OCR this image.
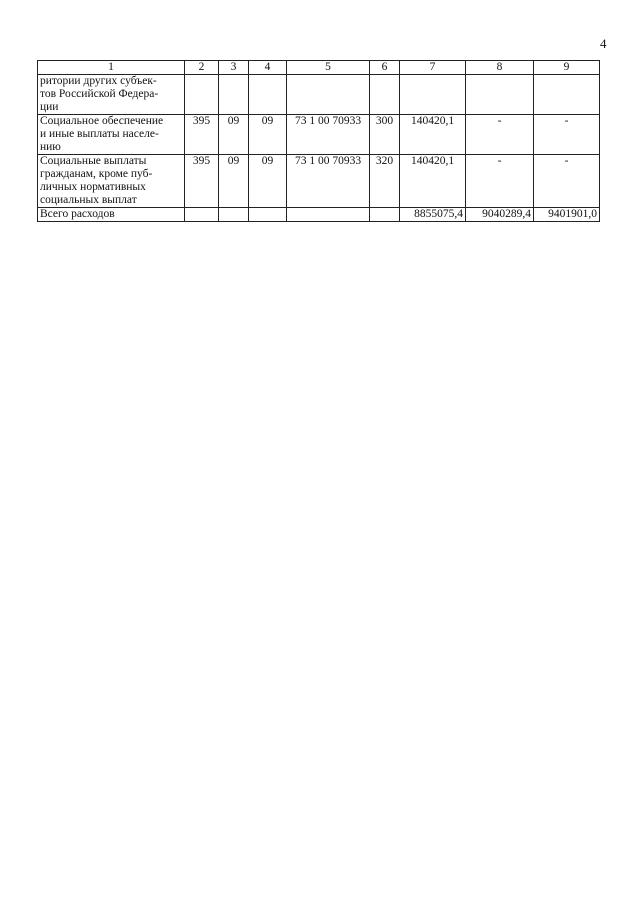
4
1	2	3	4	5	6	7	8	9

ритории других субъек-
тов Российской Федера-
ции								

Социальное обеспечение
и иные выплаты населе-
нию	395	09	09	73 1 00 70933	300	140420,1	-	-

Социальные выплаты
гражданам, кроме пуб-
личных нормативных
социальных выплат	395	09	09	73 1 00 70933	320	140420,1	-	-
Всего расходов						8855075,4	9040289,4	9401901,0
